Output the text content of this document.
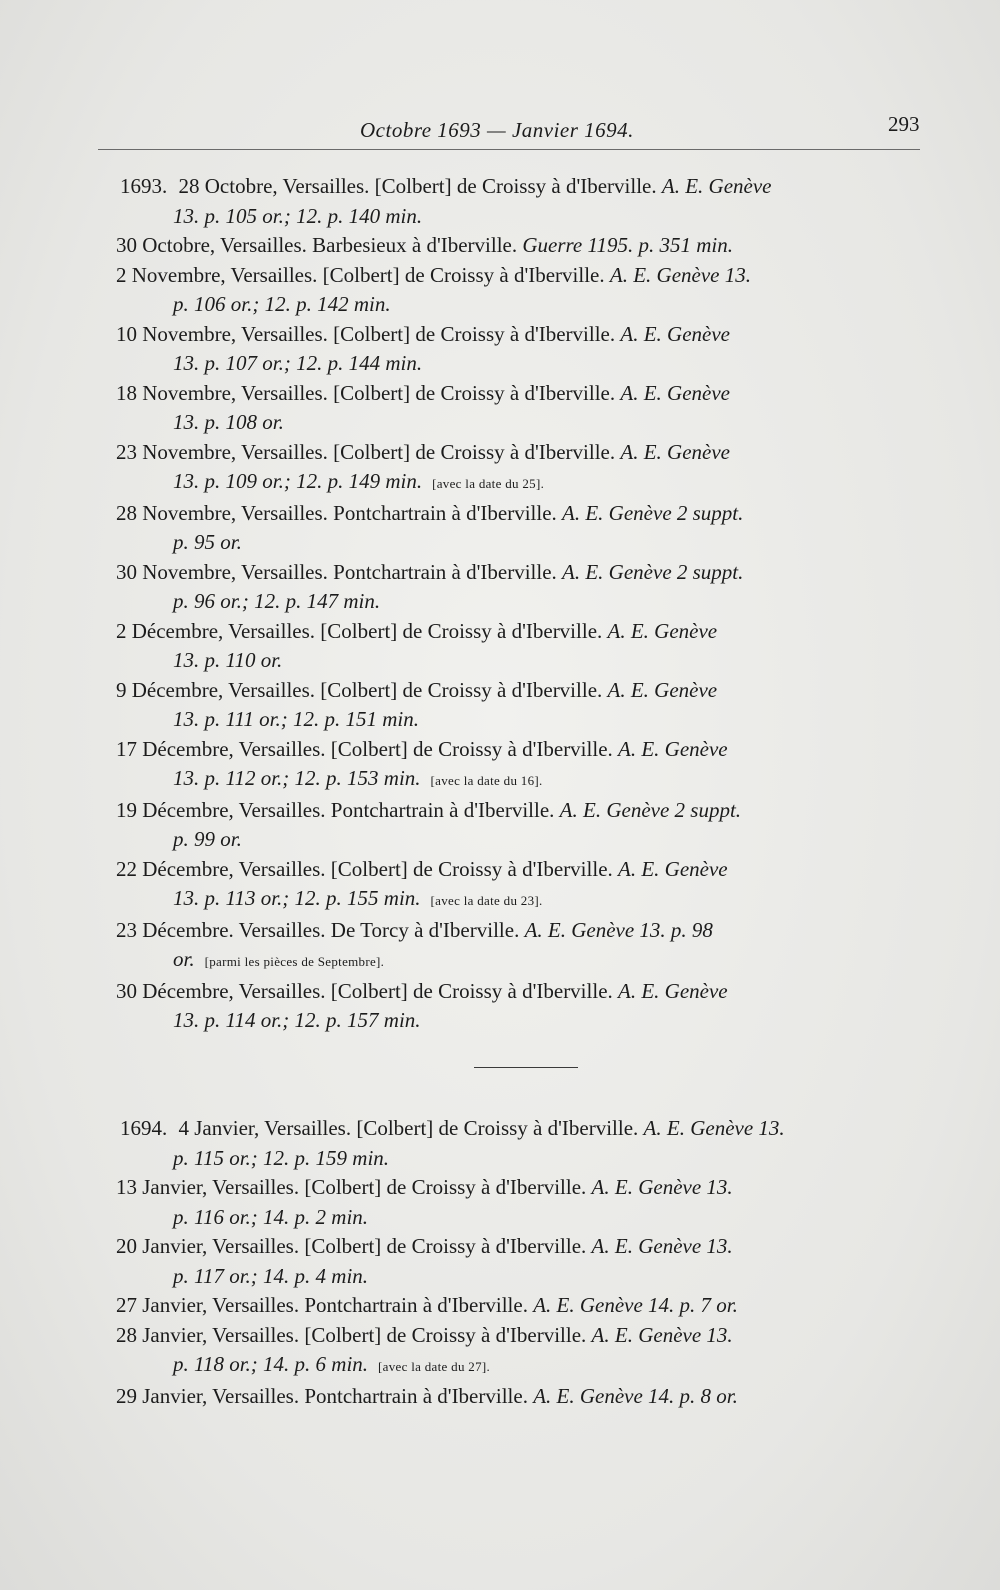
Octobre 1693 — Janvier 1694.	293
1693. 28 Octobre, Versailles. [Colbert] de Croissy à d'Iberville. A. E. Genève
13. p. 105 or.; 12. p. 140 min.
30 Octobre, Versailles. Barbesieux à d'Iberville. Guerre 1195. p. 351 min.
2 Novembre, Versailles. [Colbert] de Croissy à d'Iberville. A. E. Genève 13.
p. 106 or.; 12. p. 142 min.
10 Novembre, Versailles. [Colbert] de Croissy à d'Iberville. A. E. Genève
13. p. 107 or.; 12. p. 144 min.
18 Novembre, Versailles. [Colbert] de Croissy à d'Iberville. A. E. Genève
13. p. 108 or.
23 Novembre, Versailles. [Colbert] de Croissy à d'Iberville. A. E. Genève
13. p. 109 or.; 12. p. 149 min. [avec la date du 25].
28 Novembre, Versailles. Pontchartrain à d'Iberville. A. E. Genève 2 suppt.
p. 95 or.
30 Novembre, Versailles. Pontchartrain à d'Iberville. A. E. Genève 2 suppt.
p. 96 or.; 12. p. 147 min.
2 Décembre, Versailles. [Colbert] de Croissy à d'Iberville. A. E. Genève
13. p. 110 or.
9 Décembre, Versailles. [Colbert] de Croissy à d'Iberville. A. E. Genève
13. p. 111 or.; 12. p. 151 min.
17 Décembre, Versailles. [Colbert] de Croissy à d'Iberville. A. E. Genève
13. p. 112 or.; 12. p. 153 min. [avec la date du 16].
19 Décembre, Versailles. Pontchartrain à d'Iberville. A. E. Genève 2 suppt.
p. 99 or.
22 Décembre, Versailles. [Colbert] de Croissy à d'Iberville. A. E. Genève
13. p. 113 or.; 12. p. 155 min. [avec la date du 23].
23 Décembre. Versailles. De Torcy à d'Iberville. A. E. Genève 13. p. 98
or. [parmi les pièces de Septembre].
30 Décembre, Versailles. [Colbert] de Croissy à d'Iberville. A. E. Genève
13. p. 114 or.; 12. p. 157 min.
1694. 4 Janvier, Versailles. [Colbert] de Croissy à d'Iberville. A. E. Genève 13.
p. 115 or.; 12. p. 159 min.
13 Janvier, Versailles. [Colbert] de Croissy à d'Iberville. A. E. Genève 13.
p. 116 or.; 14. p. 2 min.
20 Janvier, Versailles. [Colbert] de Croissy à d'Iberville. A. E. Genève 13.
p. 117 or.; 14. p. 4 min.
27 Janvier, Versailles. Pontchartrain à d'Iberville. A. E. Genève 14. p. 7 or.
28 Janvier, Versailles. [Colbert] de Croissy à d'Iberville. A. E. Genève 13.
p. 118 or.; 14. p. 6 min. [avec la date du 27].
29 Janvier, Versailles. Pontchartrain à d'Iberville. A. E. Genève 14. p. 8 or.
